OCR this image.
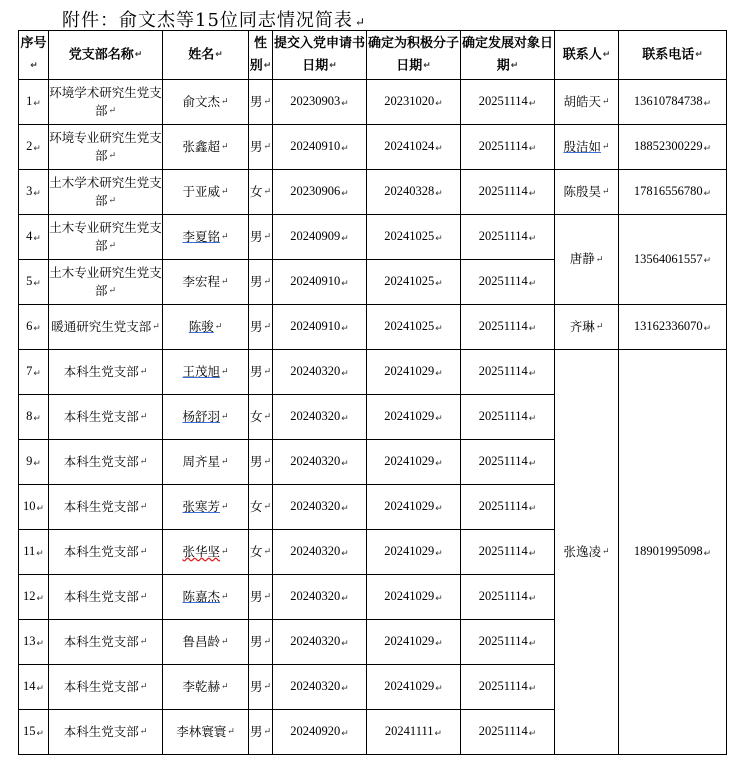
附件：俞文杰等15位同志情况简表 ↵
序号↵	党支部名称↵	姓名↵	性别↵	提交入党申请书日期↵	确定为积极分子日期↵	确定发展对象日期↵	联系人↵	联系电话↵
1↵	环境学术研究生党支部↵	俞文杰↵	男↵	20230903↵	20231020↵	20251114↵	胡皓天↵	13610784738↵
2↵	环境专业研究生党支部↵	张鑫超↵	男↵	20240910↵	20241024↵	20251114↵	殷洁如↵	18852300229↵
3↵	土木学术研究生党支部↵	于亚威↵	女↵	20230906↵	20240328↵	20251114↵	陈殷昊↵	17816556780↵
4↵	土木专业研究生党支部↵	李夏铭↵	男↵	20240909↵	20241025↵	20251114↵	唐静↵	13564061557↵
5↵	土木专业研究生党支部↵	李宏程↵	男↵	20240910↵	20241025↵	20251114↵		
6↵	暖通研究生党支部↵	陈骏↵	男↵	20240910↵	20241025↵	20251114↵	齐琳↵	13162336070↵
7↵	本科生党支部↵	王茂旭↵	男↵	20240320↵	20241029↵	20251114↵	张逸凌↵	18901995098↵
8↵	本科生党支部↵	杨舒羽↵	女↵	20240320↵	20241029↵	20251114↵		
9↵	本科生党支部↵	周齐星↵	男↵	20240320↵	20241029↵	20251114↵		
10↵	本科生党支部↵	张寒芳↵	女↵	20240320↵	20241029↵	20251114↵		
11↵	本科生党支部↵	张华坚↵	女↵	20240320↵	20241029↵	20251114↵		
12↵	本科生党支部↵	陈嘉杰↵	男↵	20240320↵	20241029↵	20251114↵		
13↵	本科生党支部↵	鲁昌龄↵	男↵	20240320↵	20241029↵	20251114↵		
14↵	本科生党支部↵	李乾赫↵	男↵	20240320↵	20241029↵	20251114↵		
15↵	本科生党支部↵	李林寰寰↵	男↵	20240920↵	20241111↵	20251114↵		
